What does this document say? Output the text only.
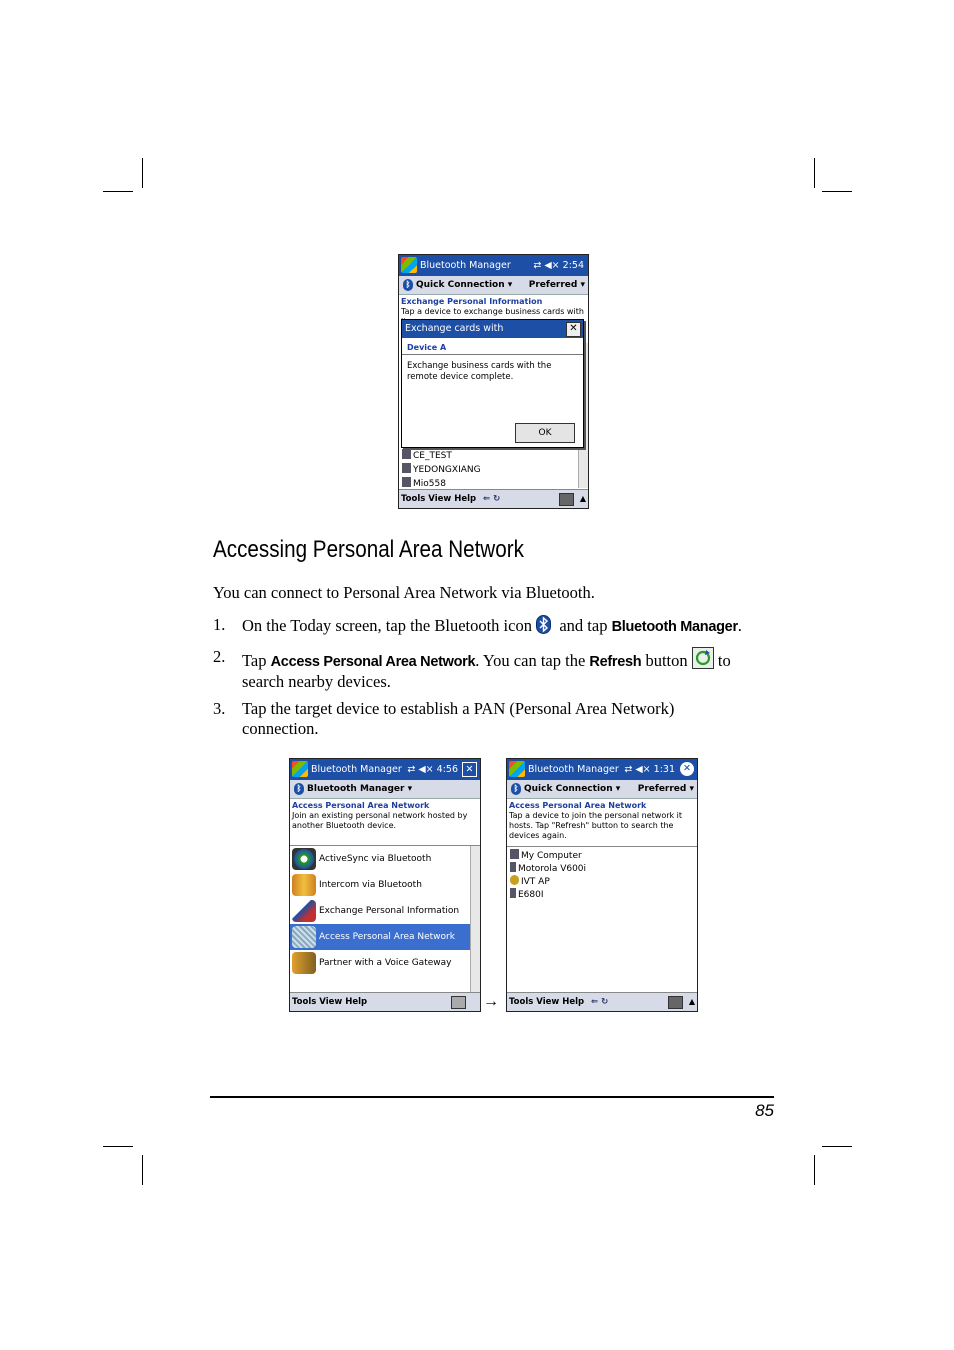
Bluetooth Manager ⇄ ◀× 2:54
ᛒ Quick Connection ▾ Preferred ▾
Exchange Personal Information
Tap a device to exchange business cards with
CE_TEST
YEDONGXIANG
Mio558
Exchange cards with	✕
Device A
Exchange business cards with the
remote device complete.
OK
Tools View Help ⇐ ↻	▲
Accessing Personal Area Network
You can connect to Personal Area Network via Bluetooth.
1. On the Today screen, tap the Bluetooth icon and tap Bluetooth Manager.
2. Tap Access Personal Area Network. You can tap the Refresh button to
search nearby devices.
3. Tap the target device to establish a PAN (Personal Area Network)
connection.
Bluetooth Manager ⇄ ◀× 4:56 ✕
ᛒ Bluetooth Manager ▾
Access Personal Area Network
Join an existing personal network hosted by
another Bluetooth device.
ActiveSync via Bluetooth
Intercom via Bluetooth
Exchange Personal Information
Access Personal Area Network
Partner with a Voice Gateway
Tools View Help	→
Bluetooth Manager ⇄ ◀× 1:31 ✕
ᛒ Quick Connection ▾ Preferred ▾
Access Personal Area Network
Tap a device to join the personal network it
hosts. Tap "Refresh" button to search the
devices again.
My Computer
Motorola V600i
IVT AP
E680I
Tools View Help ⇐ ↻	▲
85
